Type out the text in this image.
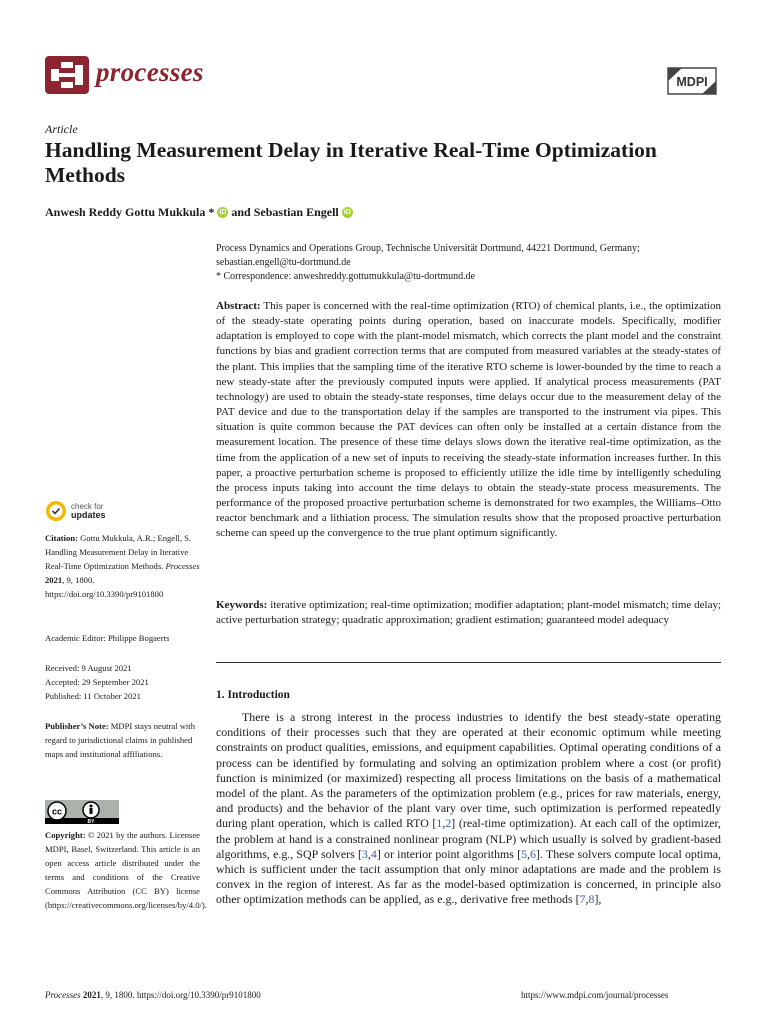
processes	MDPI
Article
Handling Measurement Delay in Iterative Real-Time Optimization Methods
Anwesh Reddy Gottu Mukkula * iD and Sebastian Engell iD
Process Dynamics and Operations Group, Technische Universität Dortmund, 44221 Dortmund, Germany; sebastian.engell@tu-dortmund.de
* Correspondence: anweshreddy.gottumukkula@tu-dortmund.de
Abstract: This paper is concerned with the real-time optimization (RTO) of chemical plants, i.e., the optimization of the steady-state operating points during operation, based on inaccurate models. Specifically, modifier adaptation is employed to cope with the plant-model mismatch, which corrects the plant model and the constraint functions by bias and gradient correction terms that are computed from measured variables at the steady-states of the plant. This implies that the sampling time of the iterative RTO scheme is lower-bounded by the time to reach a new steady-state after the previously computed inputs were applied. If analytical process measurements (PAT technology) are used to obtain the steady-state responses, time delays occur due to the measurement delay of the PAT device and due to the transportation delay if the samples are transported to the instrument via pipes. This situation is quite common because the PAT devices can often only be installed at a certain distance from the measurement location. The presence of these time delays slows down the iterative real-time optimization, as the time from the application of a new set of inputs to receiving the steady-state information increases further. In this paper, a proactive perturbation scheme is proposed to efficiently utilize the idle time by intelligently scheduling the process inputs taking into account the time delays to obtain the steady-state process measurements. The performance of the proposed proactive perturbation scheme is demonstrated for two examples, the Williams–Otto reactor benchmark and a lithiation process. The simulation results show that the proposed proactive perturbation scheme can speed up the convergence to the true plant optimum significantly.
Keywords: iterative optimization; real-time optimization; modifier adaptation; plant-model mismatch; time delay; active perturbation strategy; quadratic approximation; gradient estimation; guaranteed model adequacy
1. Introduction
There is a strong interest in the process industries to identify the best steady-state operating conditions of their processes such that they are operated at their economic optimum while meeting constraints on product qualities, emissions, and equipment capabilities. Optimal operating conditions of a process can be identified by formulating and solving an optimization problem where a cost (or profit) function is minimized (or maximized) respecting all process limitations on the basis of a mathematical model of the plant. As the parameters of the optimization problem (e.g., prices for raw materials, energy, and products) and the behavior of the plant vary over time, such optimization is performed repeatedly during plant operation, which is called RTO [1,2] (real-time optimization). At each call of the optimizer, the problem at hand is a constrained nonlinear program (NLP) which usually is solved by gradient-based algorithms, e.g., SQP solvers [3,4] or interior point algorithms [5,6]. These solvers compute local optima, which is sufficient under the tacit assumption that only minor adaptations are made and the problem is convex in the region of interest. As far as the model-based optimization is concerned, in principle also other optimization methods can be applied, as e.g., derivative free methods [7,8],
check for
updates
Citation: Gottu Mukkula, A.R.; Engell, S. Handling Measurement Delay in Iterative Real-Time Optimization Methods. Processes 2021, 9, 1800. https://doi.org/10.3390/pr9101800
Academic Editor: Philippe Bogaerts
Received: 9 August 2021
Accepted: 29 September 2021
Published: 11 October 2021
Publisher’s Note: MDPI stays neutral with regard to jurisdictional claims in published maps and institutional affiliations.
cc
BY
Copyright: © 2021 by the authors. Licensee MDPI, Basel, Switzerland. This article is an open access article distributed under the terms and conditions of the Creative Commons Attribution (CC BY) license (https://creativecommons.org/licenses/by/4.0/).
Processes 2021, 9, 1800. https://doi.org/10.3390/pr9101800	https://www.mdpi.com/journal/processes
